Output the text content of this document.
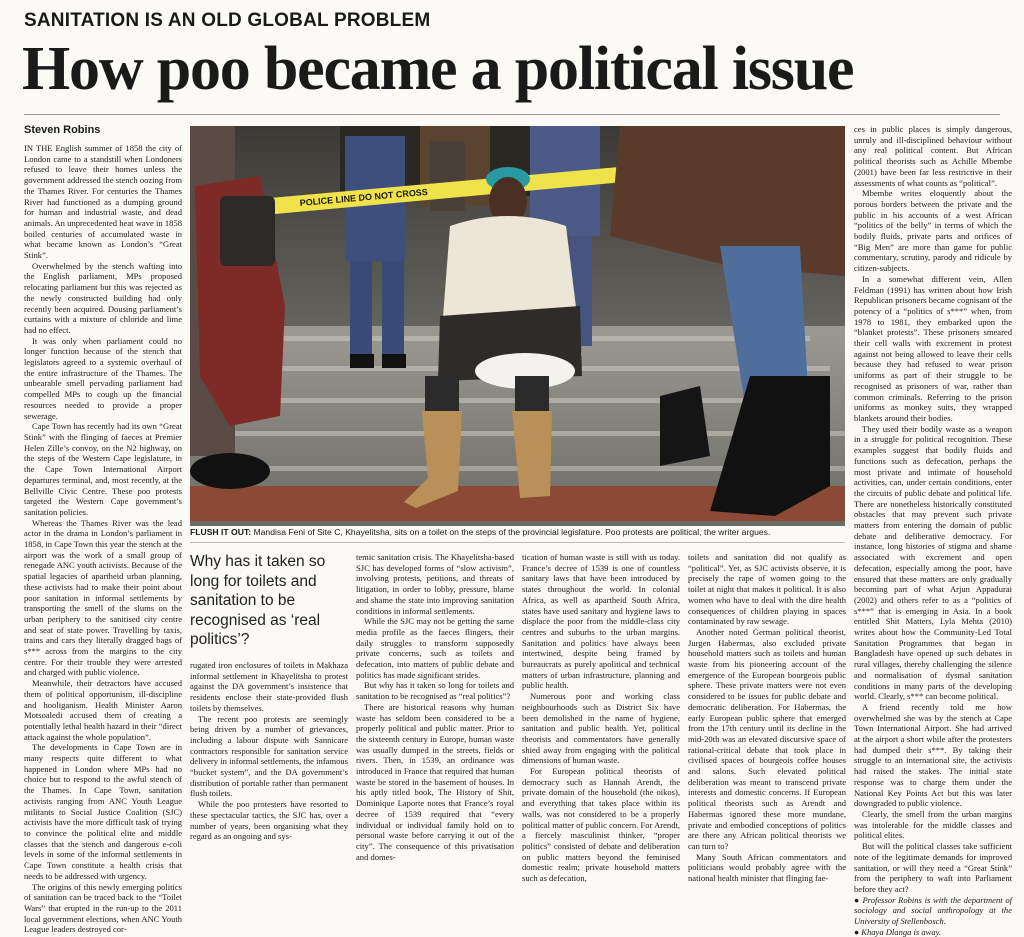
SANITATION IS AN OLD GLOBAL PROBLEM
How poo became a political issue
Steven Robins

IN THE English summer of 1858 the city of London came to a standstill when Londoners refused to leave their homes unless the government addressed the stench oozing from the Thames River. For centuries the Thames River had functioned as a dumping ground for human and industrial waste, and dead animals. An unprecedented heat wave in 1858 boiled centuries of accumulated waste in what became known as London’s “Great Stink”.

Overwhelmed by the stench wafting into the English parliament, MPs proposed relocating parliament but this was rejected as the newly constructed building had only recently been acquired. Dousing parliament’s curtains with a mixture of chloride and lime had no effect.

It was only when parliament could no longer function because of the stench that legislators agreed to a systemic overhaul of the entire infrastructure of the Thames. The unbearable smell pervading parliament had compelled MPs to cough up the financial resources needed to provide a proper sewerage.

Cape Town has recently had its own “Great Stink” with the flinging of faeces at Premier Helen Zille’s convoy, on the N2 highway, on the steps of the Western Cape legislature, in the Cape Town International Airport departures terminal, and, most recently, at the Bellville Civic Centre. These poo protests targeted the Western Cape government’s sanitation policies.

Whereas the Thames River was the lead actor in the drama in London’s parliament in 1858, in Cape Town this year the stench at the airport was the work of a small group of renegade ANC youth activists. Because of the spatial legacies of apartheid urban planning, these activists had to make their point about poor sanitation in informal settlements by transporting the smell of the slums on the urban periphery to the sanitised city centre and seat of state power. Travelling by taxis, trains and cars they literally dragged bags of s*** across from the margins to the city centre. For their trouble they were arrested and charged with public violence.

Meanwhile, their detractors have accused them of political opportunism, ill-discipline and hooliganism. Health Minister Aaron Motsoaledi accused them of creating a potentially lethal health hazard in their “direct attack against the whole population”.

The developments in Cape Town are in many respects quite different to what happened in London where MPs had no choice but to respond to the awful stench of the Thames. In Cape Town, sanitation activists ranging from ANC Youth League militants to Social Justice Coalition (SJC) activists have the more difficult task of trying to convince the political elite and middle classes that the stench and dangerous e-coli levels in some of the informal settlements in Cape Town constitute a health crisis that needs to be addressed with urgency.

The origins of this newly emerging politics of sanitation can be traced back to the “Toilet Wars” that erupted in the run-up to the 2011 local government elections, when ANC Youth League leaders destroyed cor-

POLICE LINE DO NOT CROSS
FLUSH IT OUT: Mandisa Feni of Site C, Khayelitsha, sits on a toilet on the steps of the provincial legislature. Poo protests are political, the writer argues.
Why has it taken so long for toilets and sanitation to be recognised as ‘real politics’?

rugated iron enclosures of toilets in Makhaza informal settlement in Khayelitsha to protest against the DA government’s insistence that residents enclose their state-provided flush toilets by themselves.

The recent poo protests are seemingly being driven by a number of grievances, including a labour dispute with Sannicare contractors responsible for sanitation service delivery in informal settlements, the infamous “bucket system”, and the DA government’s distribution of portable rather than permanent flush toilets.

While the poo protesters have resorted to these spectacular tactics, the SJC has, over a number of years, been organising what they regard as an ongoing and sys-

temic sanitation crisis. The Khayelitsha-based SJC has developed forms of “slow activism”, involving protests, petitions, and threats of litigation, in order to lobby, pressure, blame and shame the state into improving sanitation conditions in informal settlements.

While the SJC may not be getting the same media profile as the faeces flingers, their daily struggles to transform supposedly private concerns, such as toilets and defecation, into matters of public debate and politics has made significant strides.

But why has it taken so long for toilets and sanitation to be recognised as “real politics”?

There are historical reasons why human waste has seldom been considered to be a properly political and public matter. Prior to the sixteenth century in Europe, human waste was usually dumped in the streets, fields or rivers. Then, in 1539, an ordinance was introduced in France that required that human waste be stored in the basement of houses. In his aptly titled book, The History of Shit, Dominique Laporte notes that France’s royal decree of 1539 required that “every individual or individual family hold on to personal waste before carrying it out of the city”. The consequence of this privatisation and domes-

tication of human waste is still with us today. France’s decree of 1539 is one of countless sanitary laws that have been introduced by states throughout the world. In colonial Africa, as well as apartheid South Africa, states have used sanitary and hygiene laws to displace the poor from the middle-class city centres and suburbs to the urban margins. Sanitation and politics have always been intertwined, despite being framed by bureaucrats as purely apolitical and technical matters of urban infrastructure, planning and public health.

Numerous poor and working class neighbourhoods such as District Six have been demolished in the name of hygiene, sanitation and public health. Yet, political theorists and commentators have generally shied away from engaging with the political dimensions of human waste.

For European political theorists of democracy such as Hannah Arendt, the private domain of the household (the oikos), and everything that takes place within its walls, was not considered to be a properly political matter of public concern. For Arendt, a fiercely masculinist thinker, “proper politics” consisted of debate and deliberation on public matters beyond the feminised domestic realm; private household matters such as defecation,

toilets and sanitation did not qualify as “political”. Yet, as SJC activists observe, it is precisely the rape of women going to the toilet at night that makes it political. It is also women who have to deal with the dire health consequences of children playing in spaces contaminated by raw sewage.

Another noted German political theorist, Jurgen Habermas, also excluded private household matters such as toilets and human waste from his pioneering account of the emergence of the European bourgeois public sphere. These private matters were not even considered to be issues for public debate and democratic deliberation. For Habermas, the early European public sphere that emerged from the 17th century until its decline in the mid-20th was an elevated discursive space of rational-critical debate that took place in civilised spaces of bourgeois coffee houses and salons. Such elevated political deliberation was meant to transcend private interests and domestic concerns. If European political theorists such as Arendt and Habermas ignored these more mundane, private and embodied conceptions of politics are there any African political theorists we can turn to?

Many South African commentators and politicians would probably agree with the national health minister that flinging fae-

ces in public places is simply dangerous, unruly and ill-disciplined behaviour without any real political content. But African political theorists such as Achille Mbembe (2001) have been far less restrictive in their assessments of what counts as “political”.

Mbembe writes eloquently about the porous borders between the private and the public in his accounts of a west African “politics of the belly” in terms of which the bodily fluids, private parts and orifices of “Big Men” are more than game for public commentary, scrutiny, parody and ridicule by citizen-subjects.

In a somewhat different vein, Allen Feldman (1991) has written about how Irish Republican prisoners became cognisant of the potency of a “politics of s***” when, from 1978 to 1981, they embarked upon the “blanket protests”. These prisoners smeared their cell walls with excrement in protest against not being allowed to leave their cells because they had refused to wear prison uniforms as part of their struggle to be recognised as prisoners of war, rather than common criminals. Referring to the prison uniforms as monkey suits, they wrapped blankets around their bodies.

They used their bodily waste as a weapon in a struggle for political recognition. These examples suggest that bodily fluids and functions such as defecation, perhaps the most private and intimate of household activities, can, under certain conditions, enter the circuits of public debate and political life. There are nonetheless historically constituted obstacles that may prevent such private matters from entering the domain of public debate and deliberative democracy. For instance, long histories of stigma and shame associated with excrement and open defecation, especially among the poor, have ensured that these matters are only gradually becoming part of what Arjun Appadurai (2002) and others refer to as a “politics of s***” that is emerging in Asia. In a book entitled Shit Matters, Lyla Mehta (2010) writes about how the Community-Led Total Sanitation Programmes that began in Bangladesh have opened up such debates in rural villages, thereby challenging the silence and normalisation of dysmal sanitation conditions in many parts of the developing world. Clearly, s*** can become political.

A friend recently told me how overwhelmed she was by the stench at Cape Town International Airport. She had arrived at the airport a short while after the protesters had dumped their s***. By taking their struggle to an international site, the activists had raised the stakes. The initial state response was to charge them under the National Key Points Act but this was later downgraded to public violence.

Clearly, the smell from the urban margins was intolerable for the middle classes and political elites.

But will the political classes take sufficient note of the legitimate demands for improved sanitation, or will they need a “Great Stink” from the periphery to waft into Parliament before they act?

● Professor Robins is with the department of sociology and social anthropology at the University of Stellenbosch.

● Khaya Dlanga is away.
